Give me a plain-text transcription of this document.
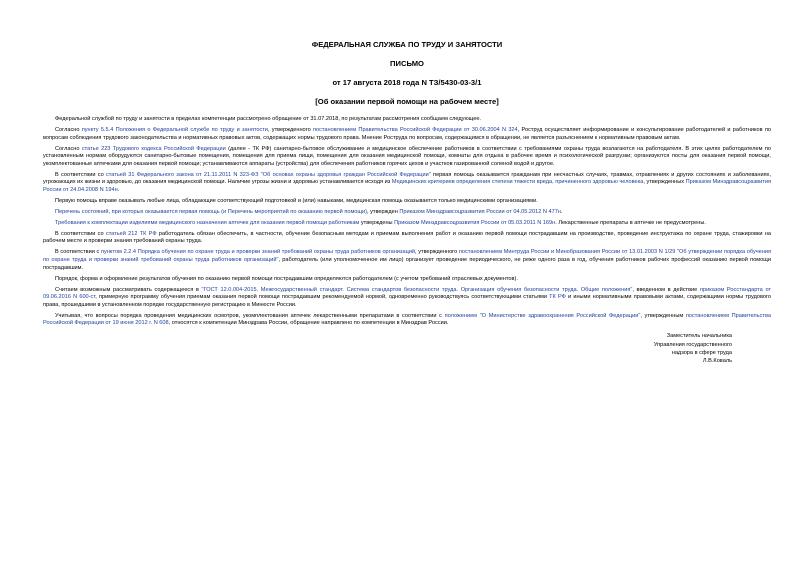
ФЕДЕРАЛЬНАЯ СЛУЖБА ПО ТРУДУ И ЗАНЯТОСТИ
ПИСЬМО
от 17 августа 2018 года N ТЗ/5430-03-3/1
[Об оказании первой помощи на рабочем месте]

Федеральной службой по труду и занятости в пределах компетенции рассмотрено обращение от 31.07.2018, по результатам рассмотрения сообщаем следующее.

Согласно пункту 5.5.4 Положения о Федеральной службе по труду и занятости, утвержденного постановлением Правительства Российской Федерации от 30.06.2004 N 324, Роструд осуществляет информирование и консультирование работодателей и работников по вопросам соблюдения трудового законодательства и нормативных правовых актов, содержащих нормы трудового права. Мнение Роструда по вопросам, содержащимся в обращении, не является разъяснением к нормативным правовым актам.

Согласно статье 223 Трудового кодекса Российской Федерации (далее - ТК РФ) санитарно-бытовое обслуживание и медицинское обеспечение работников в соответствии с требованиями охраны труда возлагаются на работодателя. В этих целях работодателем по установленным нормам оборудуются санитарно-бытовые помещения, помещения для приема пищи, помещения для оказания медицинской помощи, комнаты для отдыха в рабочее время и психологической разгрузки; организуются посты для оказания первой помощи, укомплектованные аптечками для оказания первой помощи; устанавливаются аппараты (устройства) для обеспечения работников горячих цехов и участков газированной соленой водой и другое.

В соответствии со статьей 31 Федерального закона от 21.11.2011 N 323-ФЗ "Об основах охраны здоровья граждан Российской Федерации" первая помощь оказывается гражданам при несчастных случаях, травмах, отравлениях и других состояниях и заболеваниях, угрожающих их жизни и здоровью, до оказания медицинской помощи. Наличие угрозы жизни и здоровью устанавливается исходя из Медицинских критериев определения степени тяжести вреда, причиненного здоровью человека, утвержденных Приказом Минздравсоцразвития России от 24.04.2008 N 194н.

Первую помощь вправе оказывать любые лица, обладающие соответствующей подготовкой и (или) навыками, медицинская помощь оказывается только медицинскими организациями.

Перечень состояний, при которых оказывается первая помощь (и Перечень мероприятий по оказанию первой помощи), утвержден Приказом Минздравсоцразвития России от 04.05.2012 N 477н.

Требования к комплектации изделиями медицинского назначения аптечек для оказания первой помощи работникам утверждены Приказом Минздравсоцразвития России от 05.03.2011 N 169н. Лекарственные препараты в аптечке не предусмотрены.

В соответствии со статьей 212 ТК РФ работодатель обязан обеспечить, в частности, обучение безопасным методам и приемам выполнения работ и оказанию первой помощи пострадавшим на производстве, проведение инструктажа по охране труда, стажировки на рабочем месте и проверки знания требований охраны труда.

В соответствии с пунктом 2.2.4 Порядка обучения по охране труда и проверки знаний требований охраны труда работников организаций, утвержденного постановлением Минтруда России и Минобразования России от 13.01.2003 N 1/29 "Об утверждении порядка обучения по охране труда и проверки знаний требований охраны труда работников организаций", работодатель (или уполномоченное им лицо) организует проведение периодического, не реже одного раза в год, обучения работников рабочих профессий оказанию первой помощи пострадавшим.

Порядок, форма и оформление результатов обучения по оказанию первой помощи пострадавшим определяются работодателем (с учетом требований отраслевых документов).

Считаем возможным рассматривать содержащееся в "ГОСТ 12.0.004-2015. Межгосударственный стандарт. Система стандартов безопасности труда. Организация обучения безопасности труда. Общие положения", введенном в действие приказом Росстандарта от 09.06.2016 N 600-ст, примерную программу обучения приемам оказания первой помощи пострадавшим рекомендуемой нормой, одновременно руководствуясь соответствующими статьями ТК РФ и иными нормативными правовыми актами, содержащими нормы трудового права, прошедшими в установленном порядке государственную регистрацию в Минюсте России.

Учитывая, что вопросы порядка проведения медицинских осмотров, укомплектования аптечек лекарственными препаратами в соответствии с положением "О Министерстве здравоохранения Российской Федерации", утвержденным постановлением Правительства Российской Федерации от 19 июня 2012 г. N 608, относятся к компетенции Минздрава России, обращение направлено по компетенции в Минздрав России.

Заместитель начальника
Управления государственного
надзора в сфере труда
Л.В.Коваль
